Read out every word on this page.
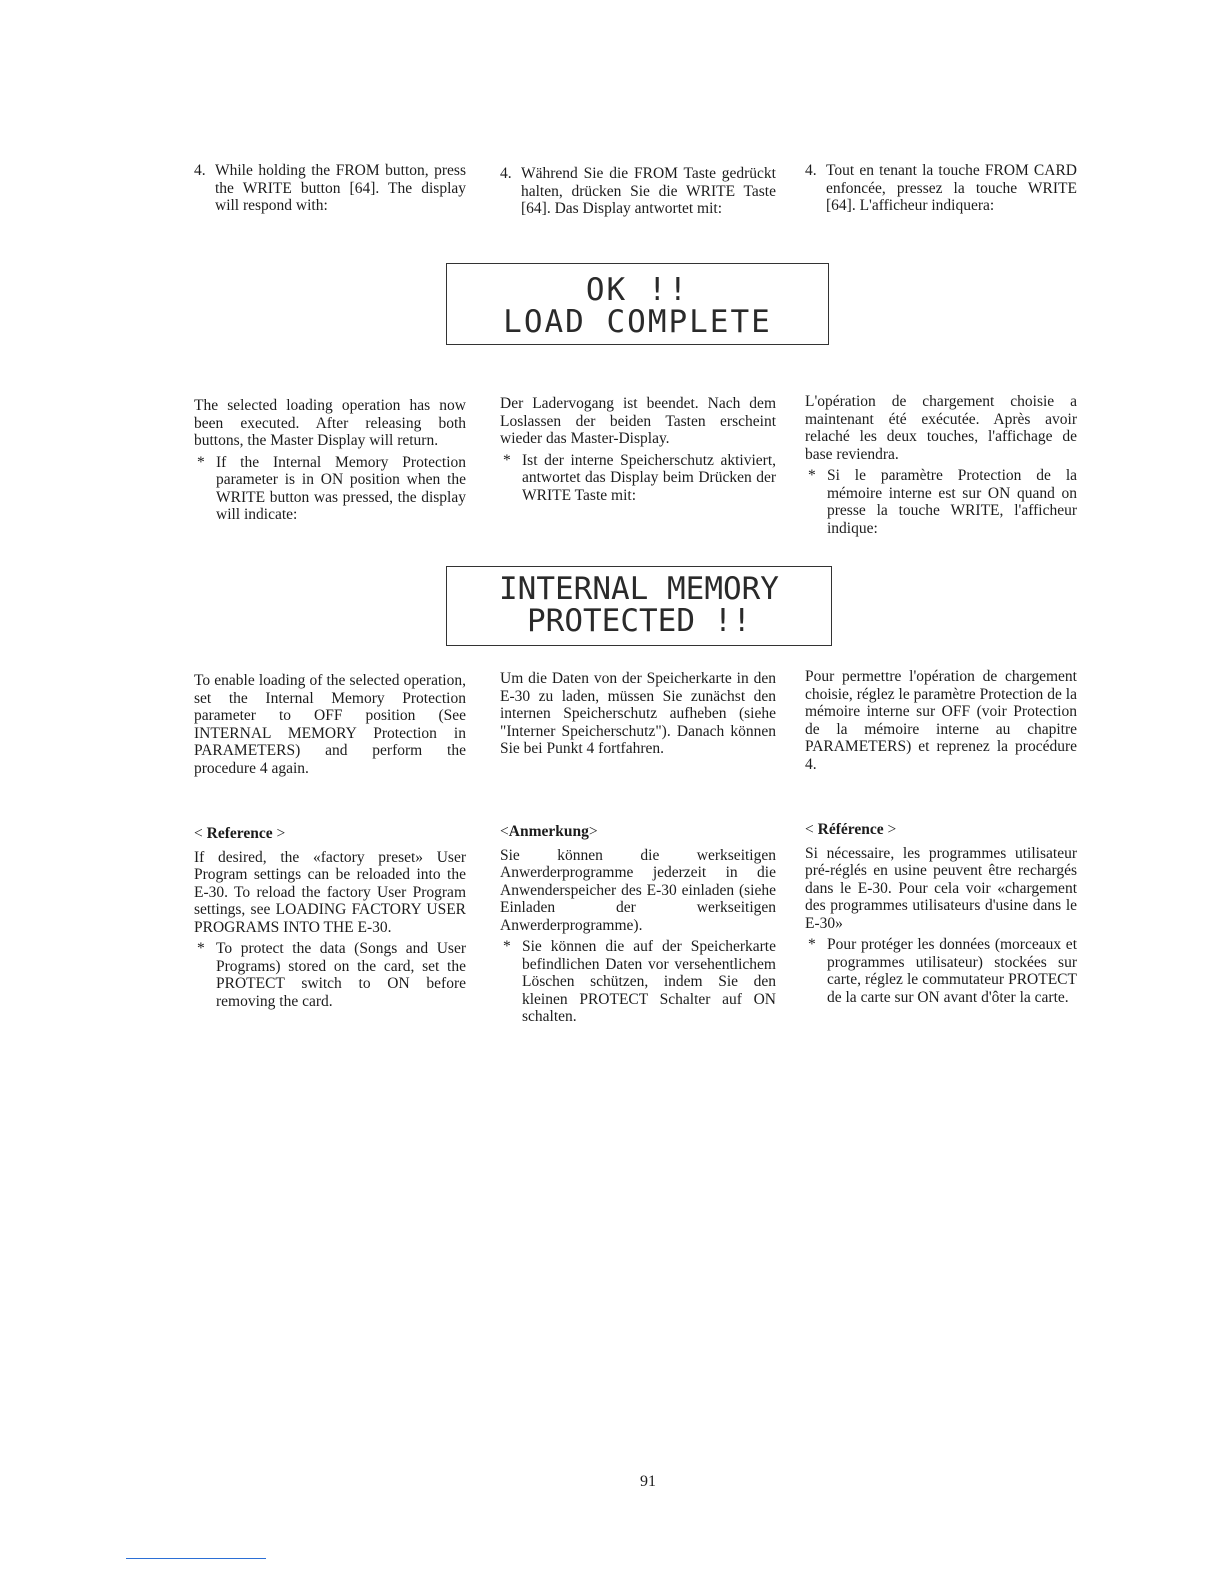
4. While holding the FROM button, press the WRITE button [64]. The display will respond with:
4. Während Sie die FROM Taste gedrückt halten, drücken Sie die WRITE Taste [64]. Das Display antwortet mit:
4. Tout en tenant la touche FROM CARD enfoncée, pressez la touche WRITE [64]. L'afficheur indiquera:
OK !!
LOAD COMPLETE

The selected loading operation has now been executed. After releasing both buttons, the Master Display will return.

* If the Internal Memory Protection parameter is in ON position when the WRITE button was pressed, the display will indicate:

Der Ladervogang ist beendet. Nach dem Loslassen der beiden Tasten erscheint wieder das Master-Display.

* Ist der interne Speicherschutz aktiviert, antwortet das Display beim Drücken der WRITE Taste mit:

L'opération de chargement choisie a maintenant été exécutée. Après avoir relaché les deux touches, l'affichage de base reviendra.

* Si le paramètre Protection de la mémoire interne est sur ON quand on presse la touche WRITE, l'afficheur indique:
INTERNAL MEMORY
PROTECTED !!

To enable loading of the selected operation, set the Internal Memory Protection parameter to OFF position (See INTERNAL MEMORY Protection in PARAMETERS) and perform the procedure 4 again.

Um die Daten von der Speicherkarte in den E-30 zu laden, müssen Sie zunächst den internen Speicherschutz aufheben (siehe "Interner Speicherschutz"). Danach können Sie bei Punkt 4 fortfahren.

Pour permettre l'opération de chargement choisie, réglez le paramètre Protection de la mémoire interne sur OFF (voir Protection de la mémoire interne au chapitre PARAMETERS) et reprenez la procédure 4.

< Reference >

If desired, the «factory preset» User Program settings can be reloaded into the E-30. To reload the factory User Program settings, see LOADING FACTORY USER PROGRAMS INTO THE E-30.

* To protect the data (Songs and User Programs) stored on the card, set the PROTECT switch to ON before removing the card.
<Anmerkung>

Sie können die werkseitigen Anwerderprogramme jederzeit in die Anwenderspeicher des E-30 einladen (siehe Einladen der werkseitigen Anwerderprogramme).

* Sie können die auf der Speicherkarte befindlichen Daten vor versehentlichem Löschen schützen, indem Sie den kleinen PROTECT Schalter auf ON schalten.
< Référence >

Si nécessaire, les programmes utilisateur pré-réglés en usine peuvent être rechargés dans le E-30. Pour cela voir «chargement des programmes utilisateurs d'usine dans le E-30»

* Pour protéger les données (morceaux et programmes utilisateur) stockées sur carte, réglez le commutateur PROTECT de la carte sur ON avant d'ôter la carte.
91
